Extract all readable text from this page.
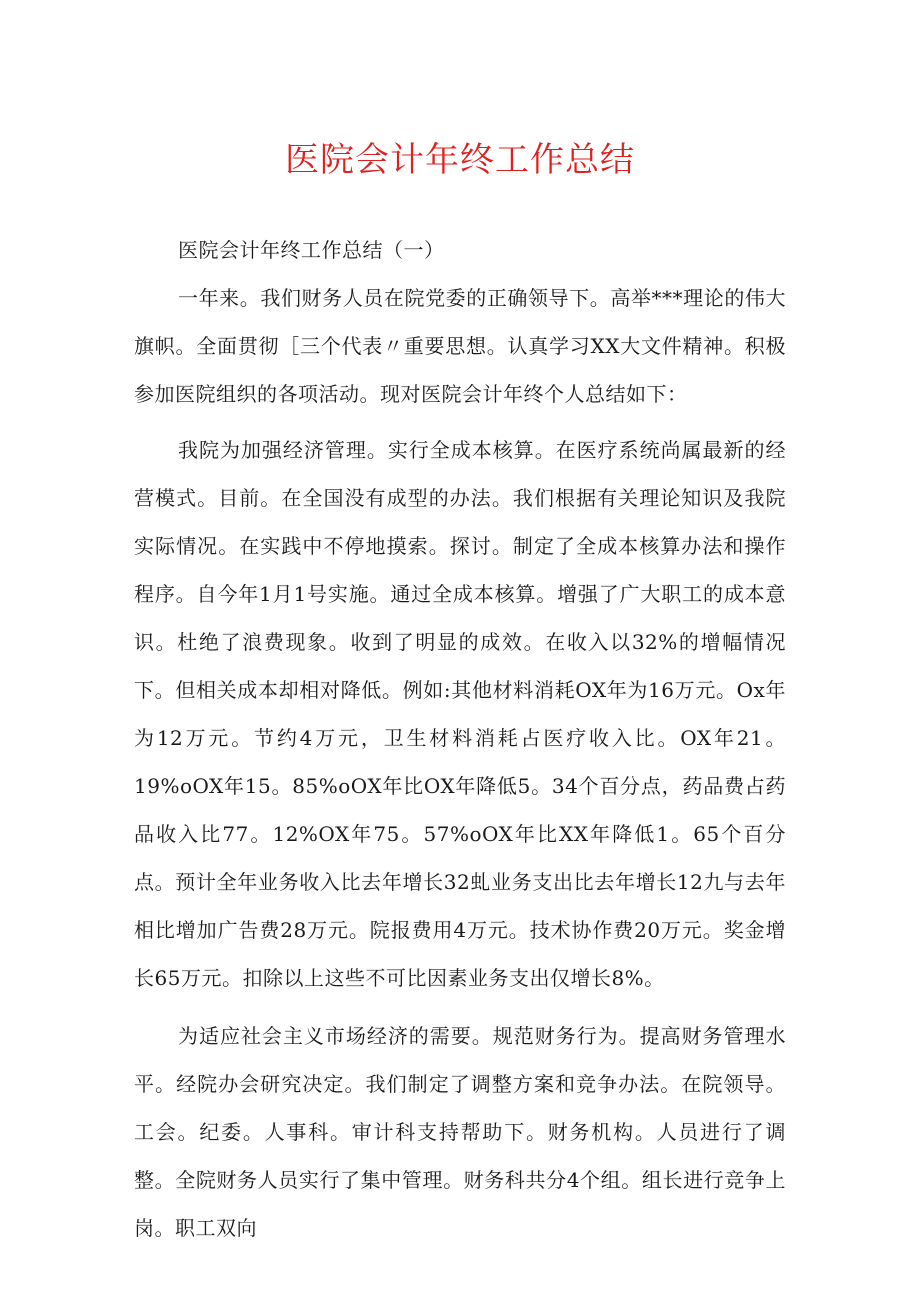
医院会计年终工作总结

医院会计年终工作总结（一）

一年来。我们财务人员在院党委的正确领导下。高举***理论的伟大旗帜。全面贯彻［三个代表〃重要思想。认真学习XX大文件精神。积极参加医院组织的各项活动。现对医院会计年终个人总结如下：

我院为加强经济管理。实行全成本核算。在医疗系统尚属最新的经营模式。目前。在全国没有成型的办法。我们根据有关理论知识及我院实际情况。在实践中不停地摸索。探讨。制定了全成本核算办法和操作程序。自今年1月1号实施。通过全成本核算。增强了广大职工的成本意识。杜绝了浪费现象。收到了明显的成效。在收入以32%的增幅情况下。但相关成本却相对降低。例如:其他材料消耗OX年为16万元。Ox年为12万元。节约4万元，卫生材料消耗占医疗收入比。OX年21。19%oOX年15。85%oOX年比OX年降低5。34个百分点，药品费占药品收入比77。12%OX年75。57%oOX年比XX年降低1。65个百分点。预计全年业务收入比去年增长32虬业务支出比去年增长12九与去年相比增加广告费28万元。院报费用4万元。技术协作费20万元。奖金增长65万元。扣除以上这些不可比因素业务支出仅增长8%。

为适应社会主义市场经济的需要。规范财务行为。提高财务管理水平。经院办会研究决定。我们制定了调整方案和竞争办法。在院领导。工会。纪委。人事科。审计科支持帮助下。财务机构。人员进行了调整。全院财务人员实行了集中管理。财务科共分4个组。组长进行竞争上岗。职工双向
